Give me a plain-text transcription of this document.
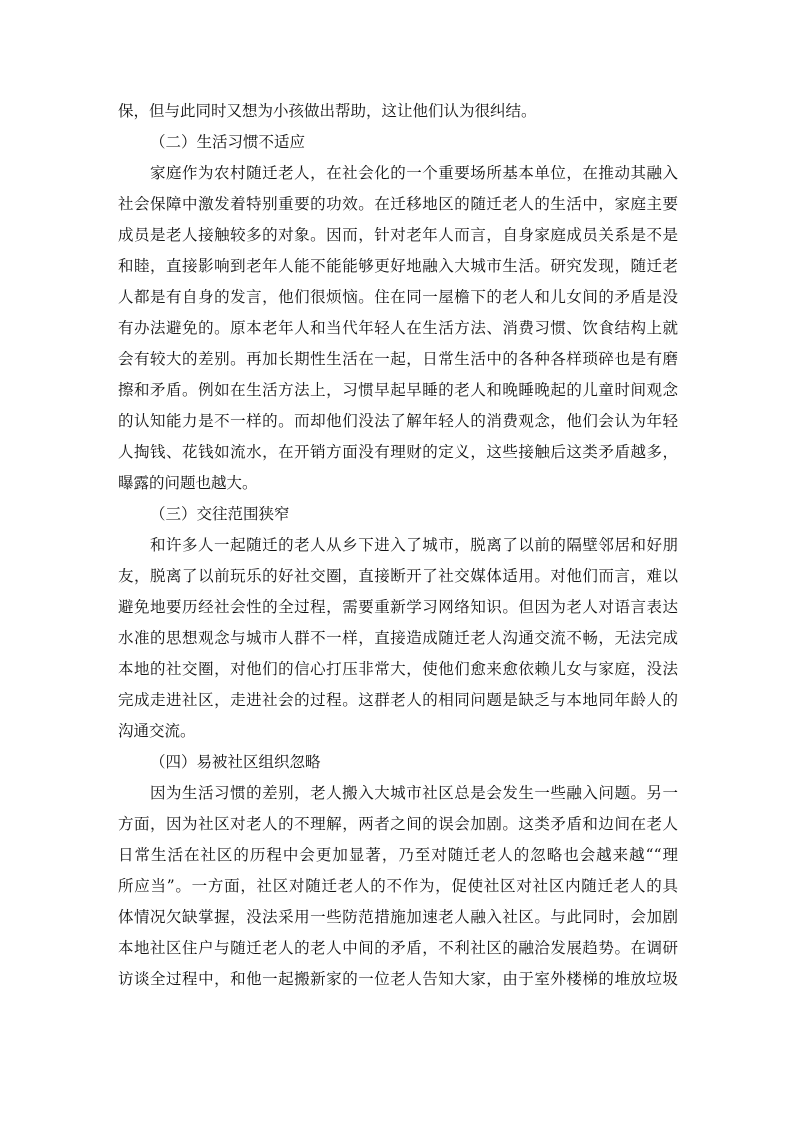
保，但与此同时又想为小孩做出帮助，这让他们认为很纠结。
（二）生活习惯不适应
家庭作为农村随迁老人，在社会化的一个重要场所基本单位，在推动其融入
社会保障中激发着特别重要的功效。在迁移地区的随迁老人的生活中，家庭主要
成员是老人接触较多的对象。因而，针对老年人而言，自身家庭成员关系是不是
和睦，直接影响到老年人能不能能够更好地融入大城市生活。研究发现，随迁老
人都是有自身的发言，他们很烦恼。住在同一屋檐下的老人和儿女间的矛盾是没
有办法避免的。原本老年人和当代年轻人在生活方法、消费习惯、饮食结构上就
会有较大的差别。再加长期性生活在一起，日常生活中的各种各样琐碎也是有磨
擦和矛盾。例如在生活方法上，习惯早起早睡的老人和晚睡晚起的儿童时间观念
的认知能力是不一样的。而却他们没法了解年轻人的消费观念，他们会认为年轻
人掏钱、花钱如流水，在开销方面没有理财的定义，这些接触后这类矛盾越多，
曝露的问题也越大。
（三）交往范围狭窄
和许多人一起随迁的老人从乡下进入了城市，脱离了以前的隔壁邻居和好朋
友，脱离了以前玩乐的好社交圈，直接断开了社交媒体适用。对他们而言，难以
避免地要历经社会性的全过程，需要重新学习网络知识。但因为老人对语言表达
水准的思想观念与城市人群不一样，直接造成随迁老人沟通交流不畅，无法完成
本地的社交圈，对他们的信心打压非常大，使他们愈来愈依赖儿女与家庭，没法
完成走进社区，走进社会的过程。这群老人的相同问题是缺乏与本地同年龄人的
沟通交流。
（四）易被社区组织忽略
因为生活习惯的差别，老人搬入大城市社区总是会发生一些融入问题。另一
方面，因为社区对老人的不理解，两者之间的误会加剧。这类矛盾和边间在老人
日常生活在社区的历程中会更加显著，乃至对随迁老人的忽略也会越来越““理
所应当”。一方面，社区对随迁老人的不作为，促使社区对社区内随迁老人的具
体情况欠缺掌握，没法采用一些防范措施加速老人融入社区。与此同时，会加剧
本地社区住户与随迁老人的老人中间的矛盾，不利社区的融洽发展趋势。在调研
访谈全过程中，和他一起搬新家的一位老人告知大家，由于室外楼梯的堆放垃圾
